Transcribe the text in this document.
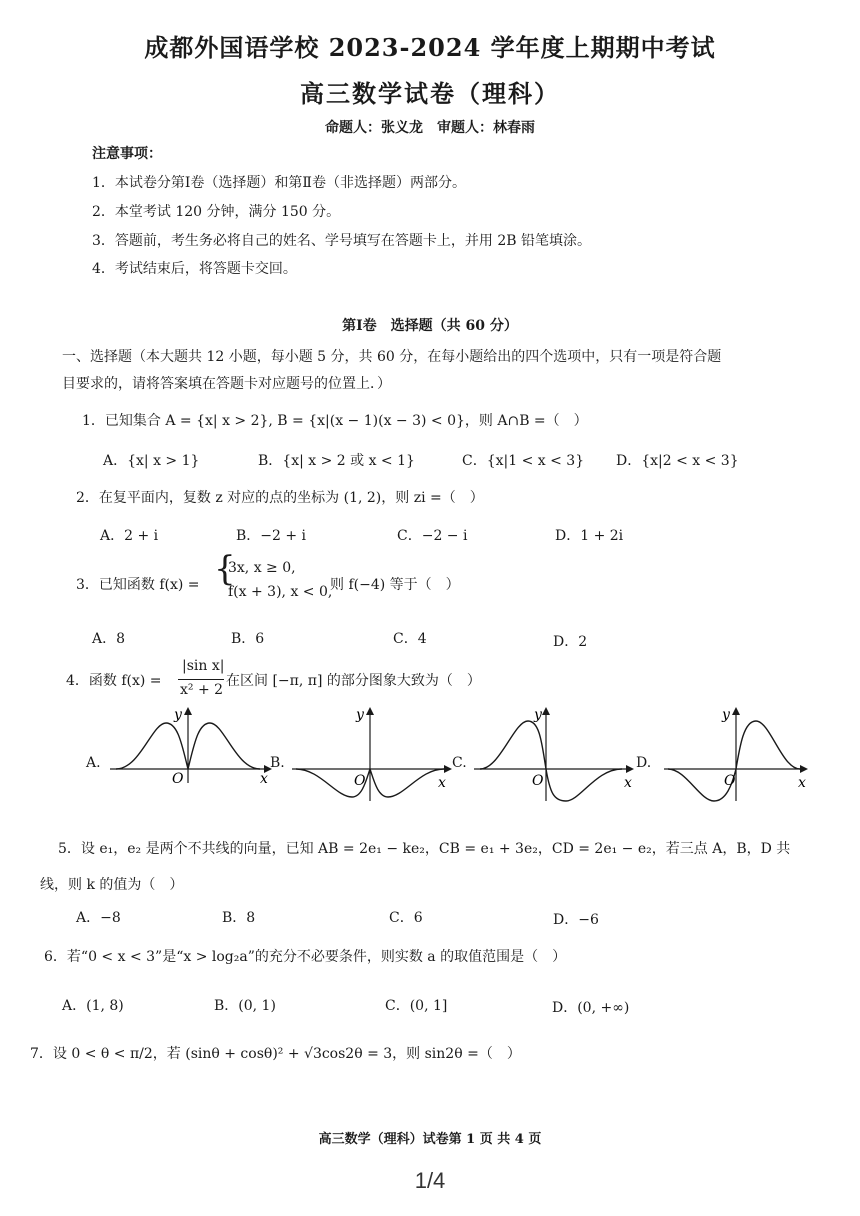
成都外国语学校 2023-2024 学年度上期期中考试
高三数学试卷（理科）
命题人：张义龙　审题人：林春雨
注意事项：
1．本试卷分第Ⅰ卷（选择题）和第Ⅱ卷（非选择题）两部分。
2．本堂考试 120 分钟，满分 150 分。
3．答题前，考生务必将自己的姓名、学号填写在答题卡上，并用 2B 铅笔填涂。
4．考试结束后，将答题卡交回。
第Ⅰ卷　选择题（共 60 分）
一、选择题（本大题共 12 小题，每小题 5 分，共 60 分，在每小题给出的四个选项中，只有一项是符合题
目要求的，请将答案填在答题卡对应题号的位置上．）
1．已知集合 A = {x| x > 2}, B = {x|(x − 1)(x − 3) < 0}，则 A∩B =（　）
A．{x| x > 1}	B．{x| x > 2 或 x < 1}	C．{x|1 < x < 3} D．{x|2 < x < 3}
2．在复平面内，复数 z 对应的点的坐标为 (1, 2)，则 zi =（　）
A．2 + i	B．−2 + i	C．−2 − i	D．1 + 2i
3．已知函数 f(x) = {
3x, x ≥ 0,
f(x + 3), x < 0,
则 f(−4) 等于（　）
A．8	B．6	C．4	D．2
4．函数 f(x) =
|sin x|
x² + 2
在区间 [−π, π] 的部分图象大致为（　）
A.	B.	C.	D.
y
x
O
y
x
O
y
x
O
y
x
O
5．设 e₁，e₂ 是两个不共线的向量，已知 AB = 2e₁ − ke₂，CB = e₁ + 3e₂，CD = 2e₁ − e₂，若三点 A，B，D 共
线，则 k 的值为（　）
A．−8	B．8	C．6	D．−6
6．若“0 < x < 3”是“x > log₂a”的充分不必要条件，则实数 a 的取值范围是（　）
A．(1, 8)	B．(0, 1)	C．(0, 1]	D．(0, +∞)
7．设 0 < θ < π/2，若 (sinθ + cosθ)² + √3cos2θ = 3，则 sin2θ =（　）
高三数学（理科）试卷第 1 页 共 4 页
1/4
